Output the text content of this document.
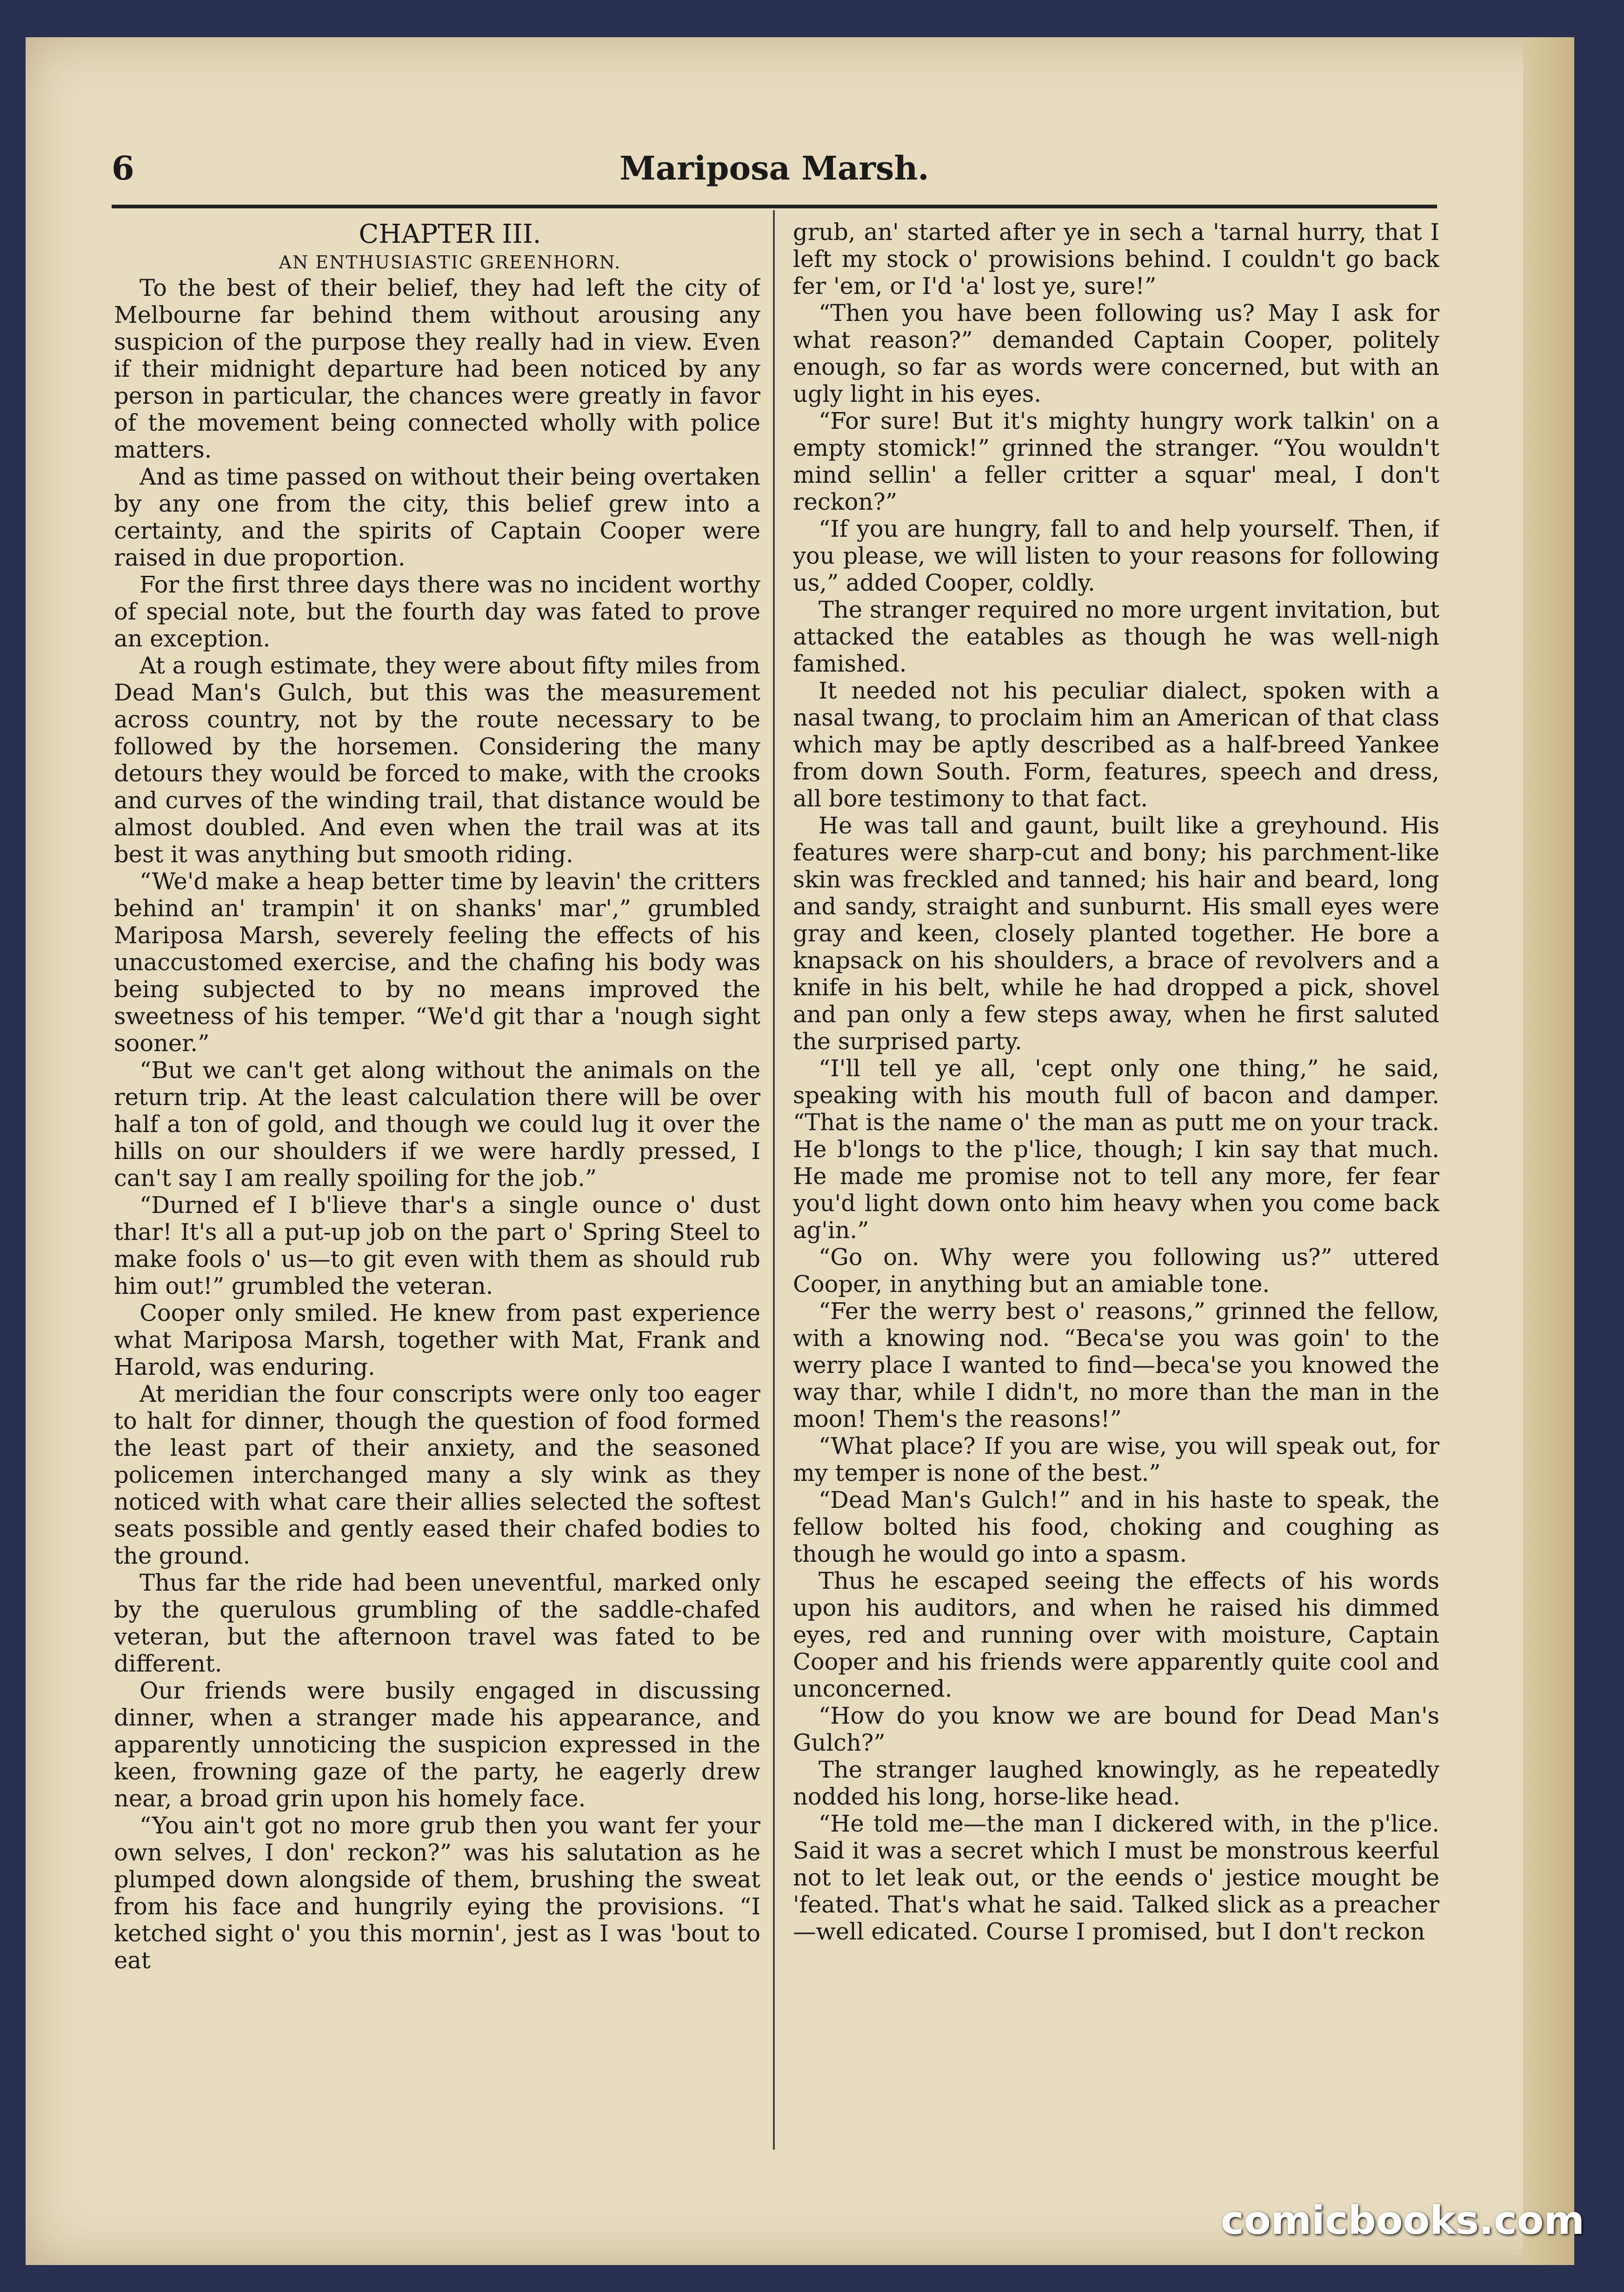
6	Mariposa Marsh.

CHAPTER III.

AN ENTHUSIASTIC GREENHORN.

To the best of their belief, they had left the city of Melbourne far behind them without arousing any suspicion of the purpose they really had in view. Even if their midnight departure had been noticed by any person in particular, the chances were greatly in favor of the movement being connected wholly with police matters.

And as time passed on without their being overtaken by any one from the city, this belief grew into a certainty, and the spirits of Captain Cooper were raised in due proportion.

For the first three days there was no incident worthy of special note, but the fourth day was fated to prove an exception.

At a rough estimate, they were about fifty miles from Dead Man's Gulch, but this was the measurement across country, not by the route necessary to be followed by the horsemen. Considering the many detours they would be forced to make, with the crooks and curves of the winding trail, that distance would be almost doubled. And even when the trail was at its best it was anything but smooth riding.

“We'd make a heap better time by leavin' the critters behind an' trampin' it on shanks' mar',” grumbled Mariposa Marsh, severely feeling the effects of his unaccustomed exercise, and the chafing his body was being subjected to by no means improved the sweetness of his temper. “We'd git thar a 'nough sight sooner.”

“But we can't get along without the animals on the return trip. At the least calculation there will be over half a ton of gold, and though we could lug it over the hills on our shoulders if we were hardly pressed, I can't say I am really spoiling for the job.”

“Durned ef I b'lieve thar's a single ounce o' dust thar! It's all a put-up job on the part o' Spring Steel to make fools o' us—to git even with them as should rub him out!” grumbled the veteran.

Cooper only smiled. He knew from past experience what Mariposa Marsh, together with Mat, Frank and Harold, was enduring.

At meridian the four conscripts were only too eager to halt for dinner, though the question of food formed the least part of their anxiety, and the seasoned policemen interchanged many a sly wink as they noticed with what care their allies selected the softest seats possible and gently eased their chafed bodies to the ground.

Thus far the ride had been uneventful, marked only by the querulous grumbling of the saddle-chafed veteran, but the afternoon travel was fated to be different.

Our friends were busily engaged in discussing dinner, when a stranger made his appearance, and apparently unnoticing the suspicion expressed in the keen, frowning gaze of the party, he eagerly drew near, a broad grin upon his homely face.

“You ain't got no more grub then you want fer your own selves, I don' reckon?” was his salutation as he plumped down alongside of them, brushing the sweat from his face and hungrily eying the provisions. “I ketched sight o' you this mornin', jest as I was 'bout to eat

grub, an' started after ye in sech a 'tarnal hurry, that I left my stock o' prowisions behind. I couldn't go back fer 'em, or I'd 'a' lost ye, sure!”

“Then you have been following us? May I ask for what reason?” demanded Captain Cooper, politely enough, so far as words were concerned, but with an ugly light in his eyes.

“For sure! But it's mighty hungry work talkin' on a empty stomick!” grinned the stranger. “You wouldn't mind sellin' a feller critter a squar' meal, I don't reckon?”

“If you are hungry, fall to and help yourself. Then, if you please, we will listen to your reasons for following us,” added Cooper, coldly.

The stranger required no more urgent invitation, but attacked the eatables as though he was well-nigh famished.

It needed not his peculiar dialect, spoken with a nasal twang, to proclaim him an American of that class which may be aptly described as a half-breed Yankee from down South. Form, features, speech and dress, all bore testimony to that fact.

He was tall and gaunt, built like a greyhound. His features were sharp-cut and bony; his parchment-like skin was freckled and tanned; his hair and beard, long and sandy, straight and sunburnt. His small eyes were gray and keen, closely planted together. He bore a knapsack on his shoulders, a brace of revolvers and a knife in his belt, while he had dropped a pick, shovel and pan only a few steps away, when he first saluted the surprised party.

“I'll tell ye all, 'cept only one thing,” he said, speaking with his mouth full of bacon and damper. “That is the name o' the man as putt me on your track. He b'longs to the p'lice, though; I kin say that much. He made me promise not to tell any more, fer fear you'd light down onto him heavy when you come back ag'in.”

“Go on. Why were you following us?” uttered Cooper, in anything but an amiable tone.

“Fer the werry best o' reasons,” grinned the fellow, with a knowing nod. “Beca'se you was goin' to the werry place I wanted to find—beca'se you knowed the way thar, while I didn't, no more than the man in the moon! Them's the reasons!”

“What place? If you are wise, you will speak out, for my temper is none of the best.”

“Dead Man's Gulch!” and in his haste to speak, the fellow bolted his food, choking and coughing as though he would go into a spasm.

Thus he escaped seeing the effects of his words upon his auditors, and when he raised his dimmed eyes, red and running over with moisture, Captain Cooper and his friends were apparently quite cool and unconcerned.

“How do you know we are bound for Dead Man's Gulch?”

The stranger laughed knowingly, as he repeatedly nodded his long, horse-like head.

“He told me—the man I dickered with, in the p'lice. Said it was a secret which I must be monstrous keerful not to let leak out, or the eends o' jestice mought be 'feated. That's what he said. Talked slick as a preacher—well edicated. Course I promised, but I don't reckon

comicbooks.com
